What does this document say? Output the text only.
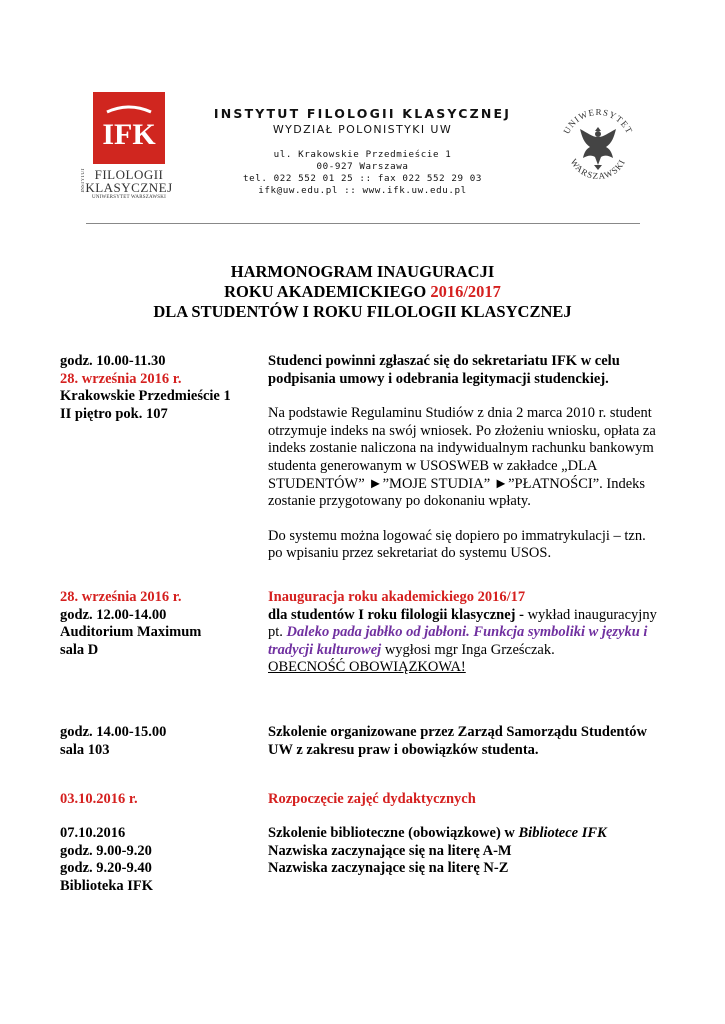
IFK
INSTYTUT FILOLOGII
KLASYCZNEJ
UNIWERSYTET WARSZAWSKI
INSTYTUT FILOLOGII KLASYCZNEJ
WYDZIAŁ POLONISTYKI UW
ul. Krakowskie Przedmieście 1
00-927 Warszawa
tel. 022 552 01 25 :: fax 022 552 29 03
ifk@uw.edu.pl :: www.ifk.uw.edu.pl
UNIWERSYTET
WARSZAWSKI
HARMONOGRAM INAUGURACJI
ROKU AKADEMICKIEGO 2016/2017
DLA STUDENTÓW I ROKU FILOLOGII KLASYCZNEJ
godz. 10.00-11.30
28. września 2016 r.
Krakowskie Przedmieście 1
II piętro pok. 107
Studenci powinni zgłaszać się do sekretariatu IFK w celu
podpisania umowy i odebrania legitymacji studenckiej.
Na podstawie Regulaminu Studiów z dnia 2 marca 2010 r. student
otrzymuje indeks na swój wniosek. Po złożeniu wniosku, opłata za
indeks zostanie naliczona na indywidualnym rachunku bankowym
studenta generowanym w USOSWEB w zakładce „DLA
STUDENTÓW” ►”MOJE STUDIA” ►”PŁATNOŚCI”. Indeks
zostanie przygotowany po dokonaniu wpłaty.
Do systemu można logować się dopiero po immatrykulacji – tzn.
po wpisaniu przez sekretariat do systemu USOS.
28. września 2016 r.
godz. 12.00-14.00
Auditorium Maximum
sala D
Inauguracja roku akademickiego 2016/17
dla studentów I roku filologii klasycznej - wykład inauguracyjny
pt. Daleko pada jabłko od jabłoni. Funkcja symboliki w języku i
tradycji kulturowej wygłosi mgr Inga Grześczak.
OBECNOŚĆ OBOWIĄZKOWA!
godz. 14.00-15.00
sala 103
Szkolenie organizowane przez Zarząd Samorządu Studentów
UW z zakresu praw i obowiązków studenta.
03.10.2016 r.	Rozpoczęcie zajęć dydaktycznych
07.10.2016
godz. 9.00-9.20
godz. 9.20-9.40
Biblioteka IFK
Szkolenie biblioteczne (obowiązkowe) w Bibliotece IFK
Nazwiska zaczynające się na literę A-M
Nazwiska zaczynające się na literę N-Z
